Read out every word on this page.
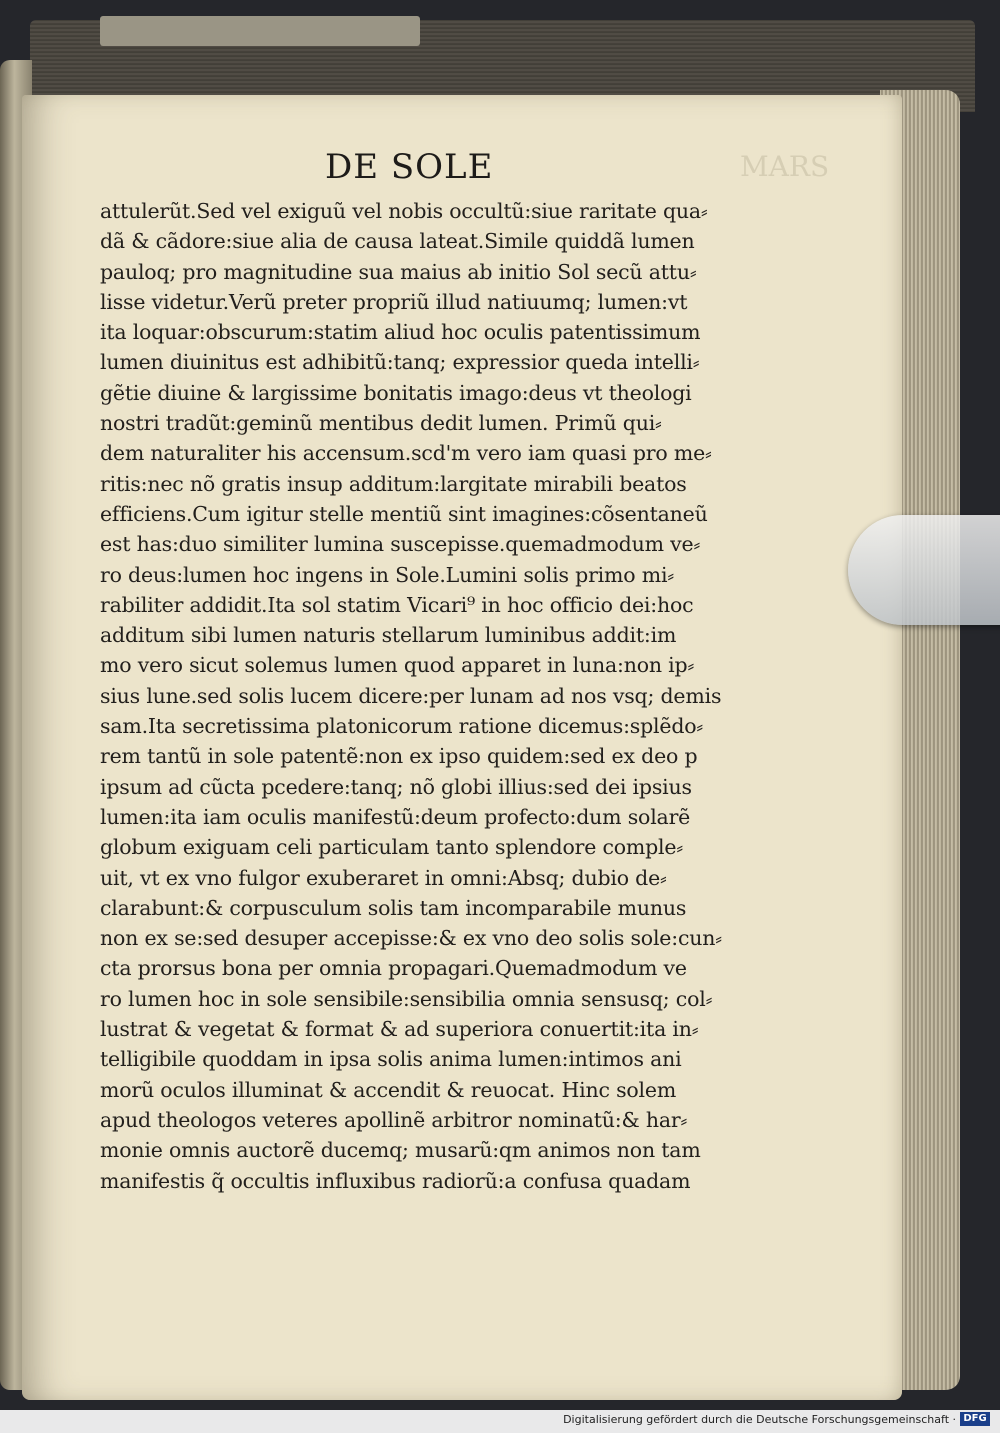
MARS
DE SOLE
attulerũt.Sed vel exiguũ vel nobis occultũ:siue raritate qua⸗
dã & cãdore:siue alia de causa lateat.Simile quiddã lumen
pauloq; pro magnitudine sua maius ab initio Sol secũ attu⸗
lisse videtur.Verũ preter propriũ illud natiuumq; lumen:vt
ita loquar:obscurum:statim aliud hoc oculis patentissimum
lumen diuinitus est adhibitũ:tanq; expressior queda intelli⸗
gẽtie diuine & largissime bonitatis imago:deus vt theologi
nostri tradũt:geminũ mentibus dedit lumen. Primũ qui⸗
dem naturaliter his accensum.scd'm vero iam quasi pro me⸗
ritis:nec nõ gratis insup additum:largitate mirabili beatos
efficiens.Cum igitur stelle mentiũ sint imagines:cõsentaneũ
est has:duo similiter lumina suscepisse.quemadmodum ve⸗
ro deus:lumen hoc ingens in Sole.Lumini solis primo mi⸗
rabiliter addidit.Ita sol statim Vicari⁹ in hoc officio dei:hoc
additum sibi lumen naturis stellarum luminibus addit:im
mo vero sicut solemus lumen quod apparet in luna:non ip⸗
sius lune.sed solis lucem dicere:per lunam ad nos vsq; demis
sam.Ita secretissima platonicorum ratione dicemus:splẽdo⸗
rem tantũ in sole patentẽ:non ex ipso quidem:sed ex deo p
ipsum ad cũcta pcedere:tanq; nõ globi illius:sed dei ipsius
lumen:ita iam oculis manifestũ:deum profecto:dum solarẽ
globum exiguam celi particulam tanto splendore comple⸗
uit, vt ex vno fulgor exuberaret in omni:Absq; dubio de⸗
clarabunt:& corpusculum solis tam incomparabile munus
non ex se:sed desuper accepisse:& ex vno deo solis sole:cun⸗
cta prorsus bona per omnia propagari.Quemadmodum ve
ro lumen hoc in sole sensibile:sensibilia omnia sensusq; col⸗
lustrat & vegetat & format & ad superiora conuertit:ita in⸗
telligibile quoddam in ipsa solis anima lumen:intimos ani
morũ oculos illuminat & accendit & reuocat. Hinc solem
apud theologos veteres apollinẽ arbitror nominatũ:& har⸗
monie omnis auctorẽ ducemq; musarũ:qm animos non tam
manifestis q̃ occultis influxibus radiorũ:a confusa quadam
Digitalisierung gefördert durch die Deutsche Forschungsgemeinschaft · DFG
